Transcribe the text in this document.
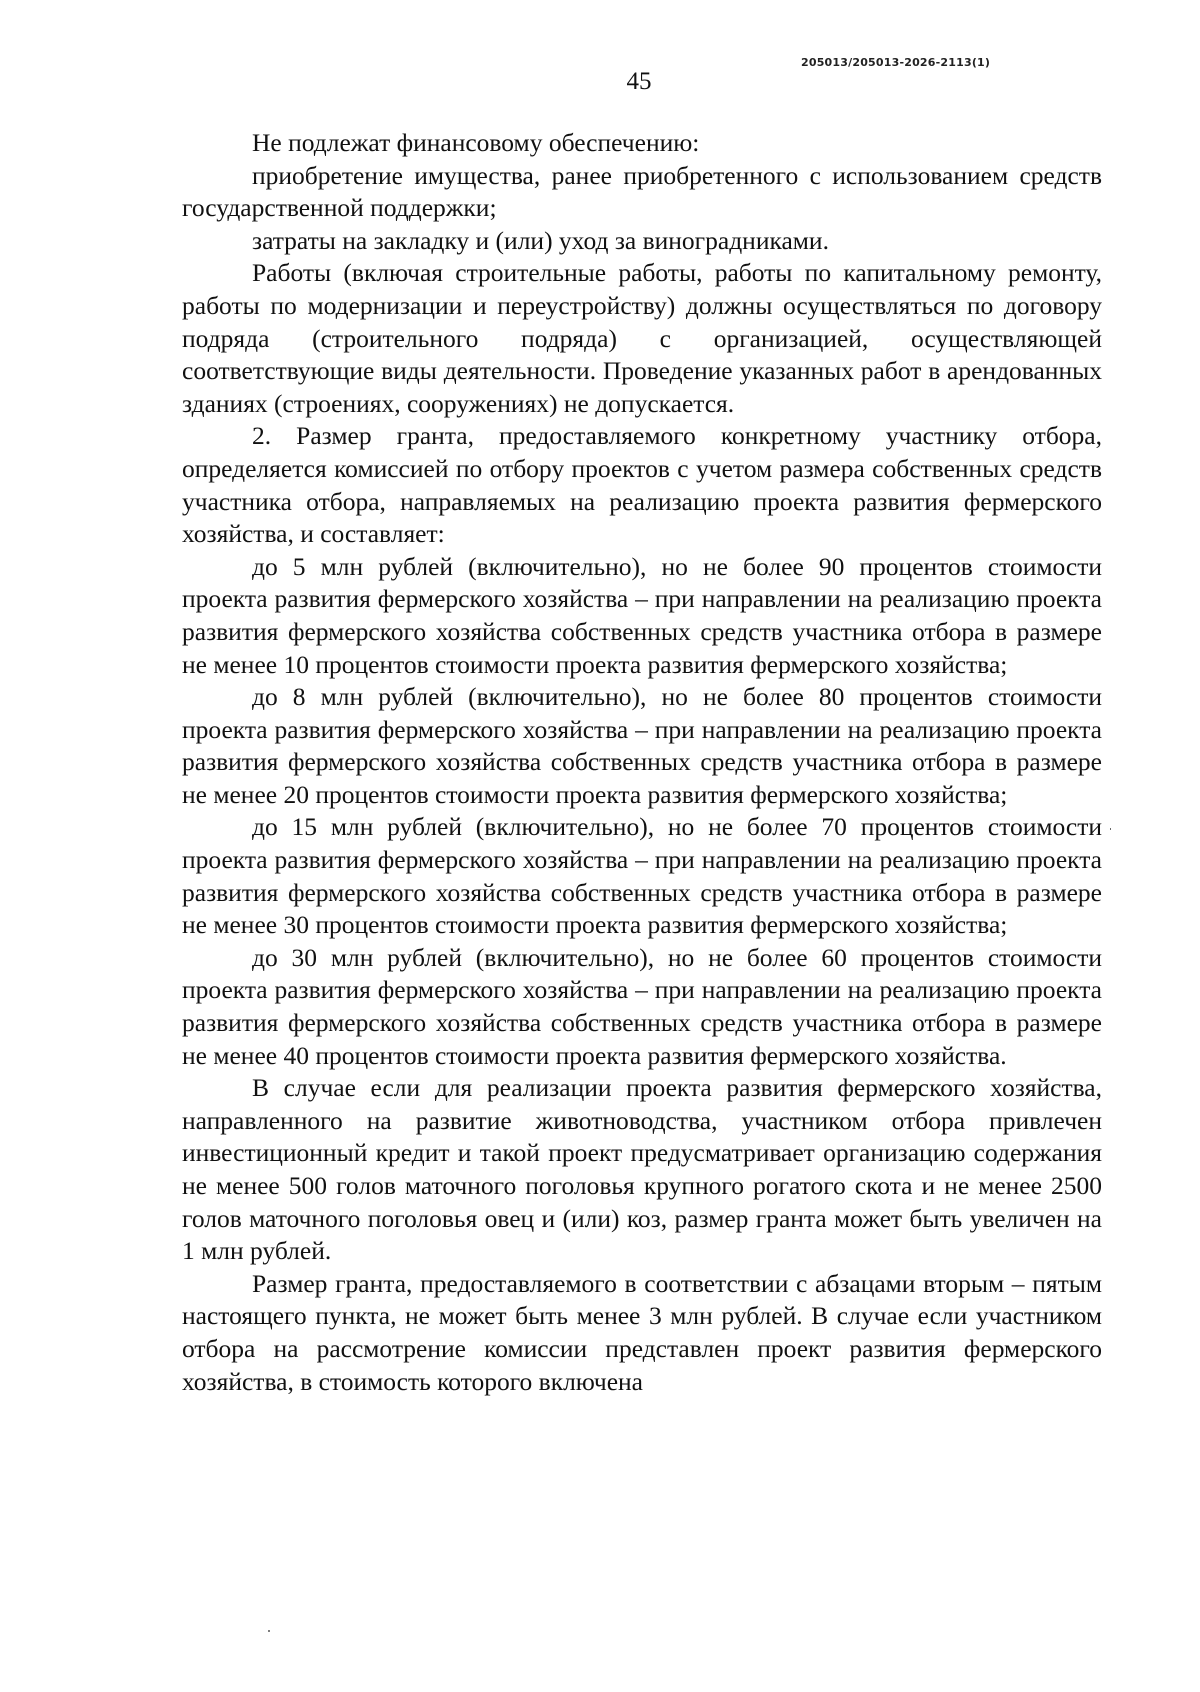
205013/205013-2026-2113(1)
45

Не подлежат финансовому обеспечению:

приобретение имущества, ранее приобретенного с использованием средств государственной поддержки;

затраты на закладку и (или) уход за виноградниками.

Работы (включая строительные работы, работы по капитальному ремонту, работы по модернизации и переустройству) должны осуществляться по договору подряда (строительного подряда) с организацией, осуществляющей соответствующие виды деятельности. Проведение указанных работ в арендованных зданиях (строениях, сооружениях) не допускается.

2. Размер гранта, предоставляемого конкретному участнику отбора, определяется комиссией по отбору проектов с учетом размера собственных средств участника отбора, направляемых на реализацию проекта развития фермерского хозяйства, и составляет:

до 5 млн рублей (включительно), но не более 90 процентов стоимости проекта развития фермерского хозяйства – при направлении на реализацию проекта развития фермерского хозяйства собственных средств участника отбора в размере не менее 10 процентов стоимости проекта развития фермерского хозяйства;

до 8 млн рублей (включительно), но не более 80 процентов стоимости проекта развития фермерского хозяйства – при направлении на реализацию проекта развития фермерского хозяйства собственных средств участника отбора в размере не менее 20 процентов стоимости проекта развития фермерского хозяйства;

до 15 млн рублей (включительно), но не более 70 процентов стоимости проекта развития фермерского хозяйства – при направлении на реализацию проекта развития фермерского хозяйства собственных средств участника отбора в размере не менее 30 процентов стоимости проекта развития фермерского хозяйства;

до 30 млн рублей (включительно), но не более 60 процентов стоимости проекта развития фермерского хозяйства – при направлении на реализацию проекта развития фермерского хозяйства собственных средств участника отбора в размере не менее 40 процентов стоимости проекта развития фермерского хозяйства.

В случае если для реализации проекта развития фермерского хозяйства, направленного на развитие животноводства, участником отбора привлечен инвестиционный кредит и такой проект предусматривает организацию содержания не менее 500 голов маточного поголовья крупного рогатого скота и не менее 2500 голов маточного поголовья овец и (или) коз, размер гранта может быть увеличен на 1 млн рублей.

Размер гранта, предоставляемого в соответствии с абзацами вторым – пятым настоящего пункта, не может быть менее 3 млн рублей. В случае если участником отбора на рассмотрение комиссии представлен проект развития фермерского хозяйства, в стоимость которого включена
